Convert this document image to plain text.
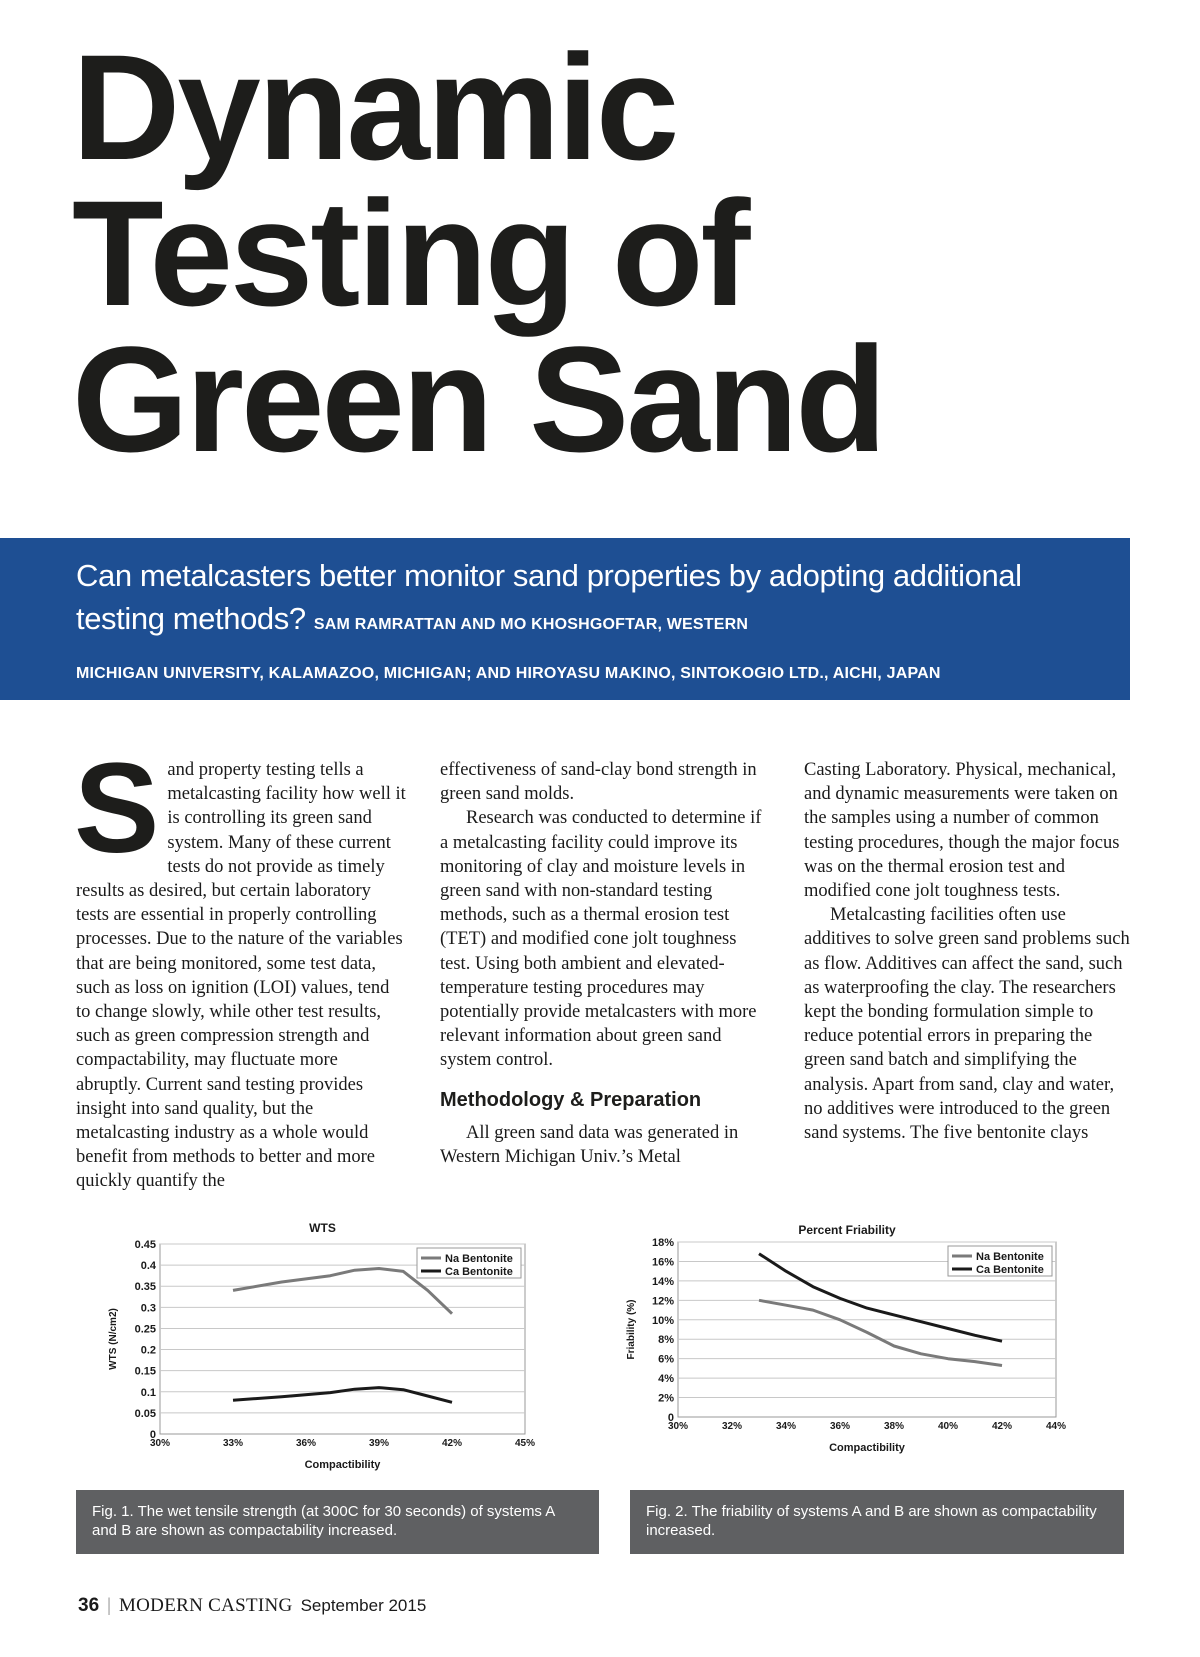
Dynamic
Testing of
Green Sand
Can metalcasters better monitor sand properties by adopting additional testing methods? SAM RAMRATTAN AND MO KHOSHGOFTAR, WESTERN
MICHIGAN UNIVERSITY, KALAMAZOO, MICHIGAN; AND HIROYASU MAKINO, SINTOKOGIO LTD., AICHI, JAPAN

S and property testing tells a metalcasting facility how well it is controlling its green sand system. Many of these current tests do not provide as timely results as desired, but certain laboratory tests are essential in properly controlling processes. Due to the nature of the variables that are being monitored, some test data, such as loss on ignition (LOI) values, tend to change slowly, while other test results, such as green compression strength and compactability, may fluctuate more abruptly. Current sand testing provides insight into sand quality, but the metalcasting industry as a whole would benefit from methods to better and more quickly quantify the

effectiveness of sand-clay bond strength in green sand molds.

Research was conducted to determine if a metalcasting facility could improve its monitoring of clay and moisture levels in green sand with non-standard testing methods, such as a thermal erosion test (TET) and modified cone jolt toughness test. Using both ambient and elevated-temperature testing procedures may potentially provide metalcasters with more relevant information about green sand system control.

Methodology & Preparation

All green sand data was generated in Western Michigan Univ.’s Metal

Casting Laboratory. Physical, mechanical, and dynamic measurements were taken on the samples using a number of common testing procedures, though the major focus was on the thermal erosion test and modified cone jolt toughness tests.

Metalcasting facilities often use additives to solve green sand problems such as flow. Additives can affect the sand, such as waterproofing the clay. The researchers kept the bonding formulation simple to reduce potential errors in preparing the green sand batch and simplifying the analysis. Apart from sand, clay and water, no additives were introduced to the green sand systems. The five bentonite clays

WTS
0
0.05
0.1
0.15
0.2
0.25
0.3
0.35
0.4
0.45
30%	33%	36%	39%	42%	45%
Compactibility
WTS (N/cm2)
Na Bentonite
Ca Bentonite
Percent Friability
0
2%
4%
6%
8%
10%
12%
14%
16%
18%
30%	32%	34%	36%	38%	40%	42%	44%
Compactibility
Friability (%)
Na Bentonite
Ca Bentonite
Fig. 1. The wet tensile strength (at 300C for 30 seconds) of systems A and B are shown as compactability increased.
Fig. 2. The friability of systems A and B are shown as compactability increased.
36 | MODERN CASTING September 2015
